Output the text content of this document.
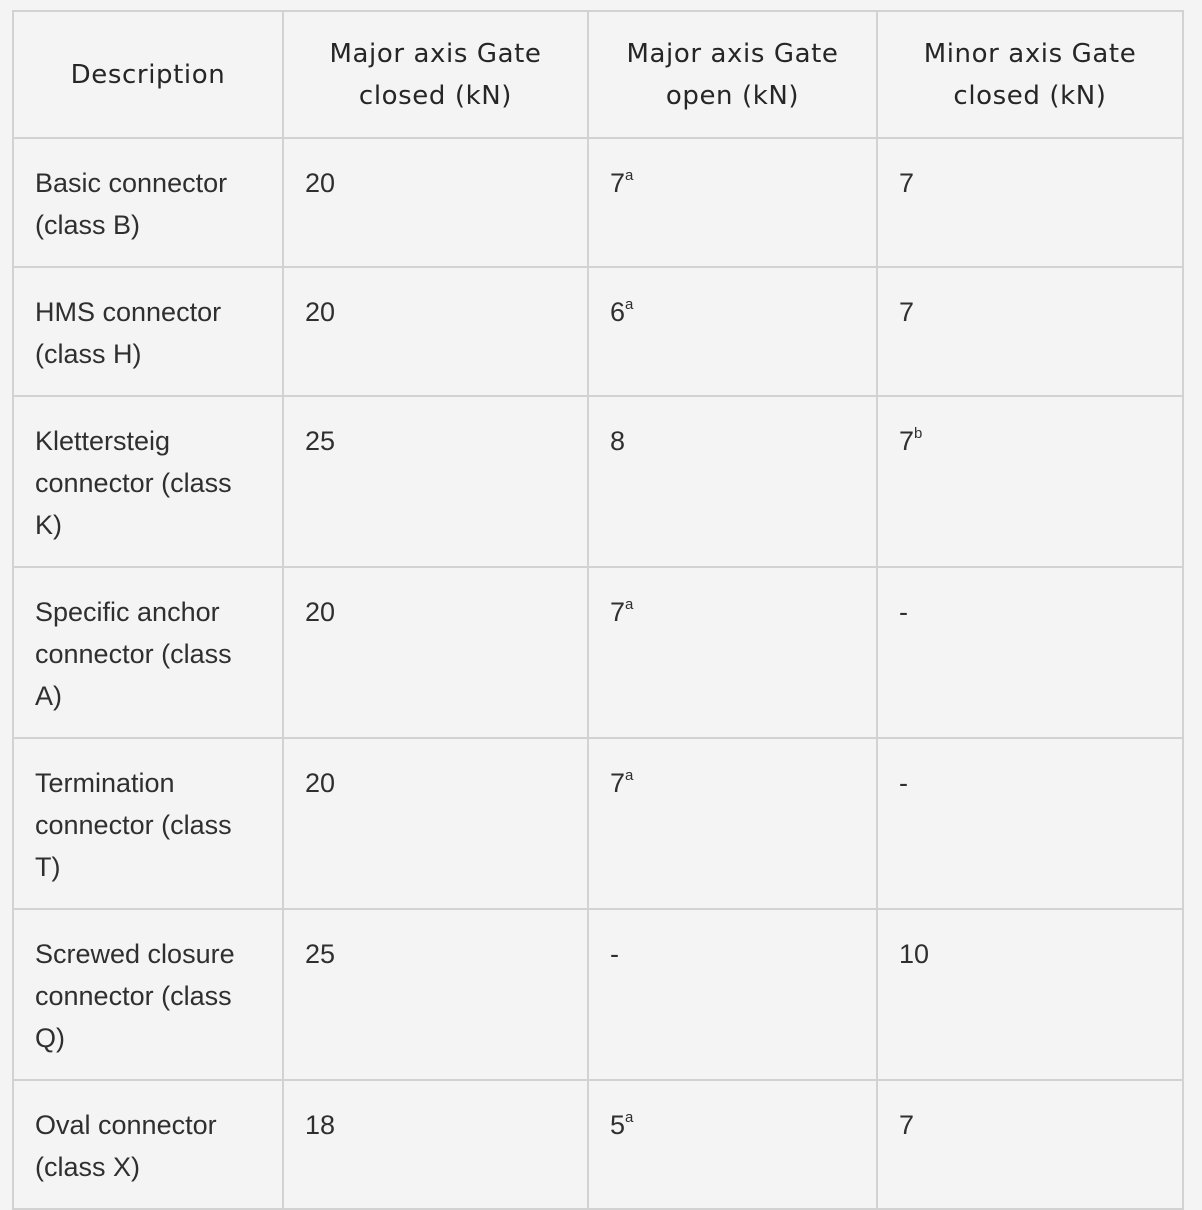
Description	Major axis Gate closed (kN)	Major axis Gate open (kN)	Minor axis Gate closed (kN)
Basic connector (class B)	20	7$^a$	7
HMS connector (class H)	20	6$^a$	7
Klettersteig connector (class K)	25	8	7$^b$
Specific anchor connector (class A)	20	7$^a$	-
Termination connector (class T)	20	7$^a$	-
Screwed closure connector (class Q)	25	-	10
Oval connector (class X)	18	5$^a$	7
